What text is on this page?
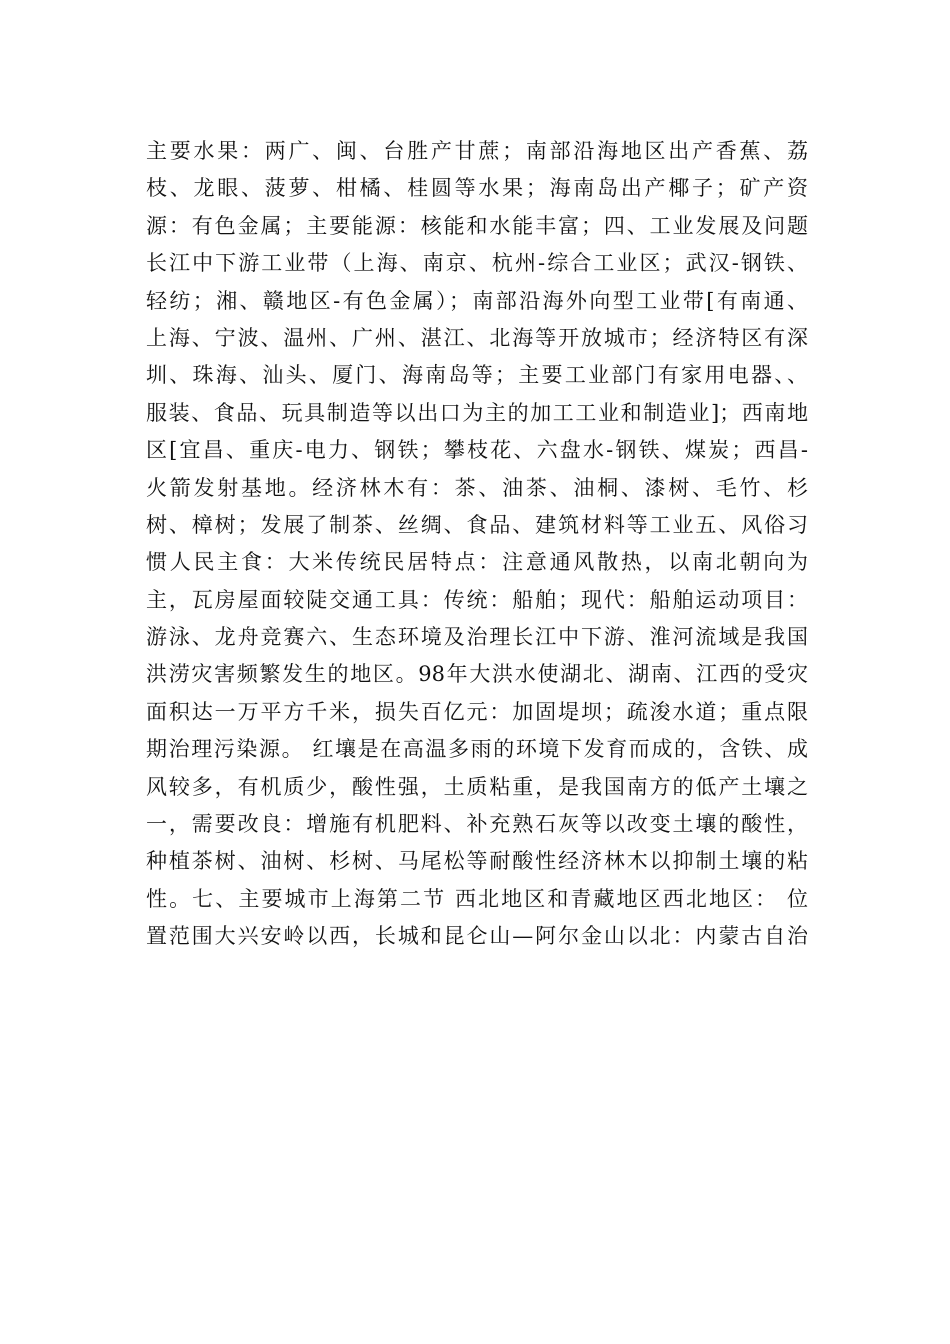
主要水果：两广、闽、台胜产甘蔗；南部沿海地区出产香蕉、荔
枝、龙眼、菠萝、柑橘、桂圆等水果；海南岛出产椰子；矿产资
源：有色金属；主要能源：核能和水能丰富；四、工业发展及问题
长江中下游工业带（上海、南京、杭州-综合工业区；武汉-钢铁、
轻纺；湘、赣地区-有色金属）；南部沿海外向型工业带[有南通、
上海、宁波、温州、广州、湛江、北海等开放城市；经济特区有深
圳、珠海、汕头、厦门、海南岛等；主要工业部门有家用电器、、
服装、食品、玩具制造等以出口为主的加工工业和制造业]；西南地
区[宜昌、重庆-电力、钢铁；攀枝花、六盘水-钢铁、煤炭；西昌-
火箭发射基地。经济林木有：茶、油茶、油桐、漆树、毛竹、杉
树、樟树；发展了制茶、丝绸、食品、建筑材料等工业五、风俗习
惯人民主食：大米传统民居特点：注意通风散热，以南北朝向为
主，瓦房屋面较陡交通工具：传统：船舶；现代：船舶运动项目：
游泳、龙舟竞赛六、生态环境及治理长江中下游、淮河流域是我国
洪涝灾害频繁发生的地区。98年大洪水使湖北、湖南、江西的受灾
面积达一万平方千米，损失百亿元：加固堤坝；疏浚水道；重点限
期治理污染源。 红壤是在高温多雨的环境下发育而成的，含铁、成
风较多，有机质少，酸性强，土质粘重，是我国南方的低产土壤之
一，需要改良：增施有机肥料、补充熟石灰等以改变土壤的酸性，
种植茶树、油树、杉树、马尾松等耐酸性经济林木以抑制土壤的粘
性。七、主要城市上海第二节 西北地区和青藏地区西北地区： 位
置范围大兴安岭以西，长城和昆仑山—阿尔金山以北：内蒙古自治
